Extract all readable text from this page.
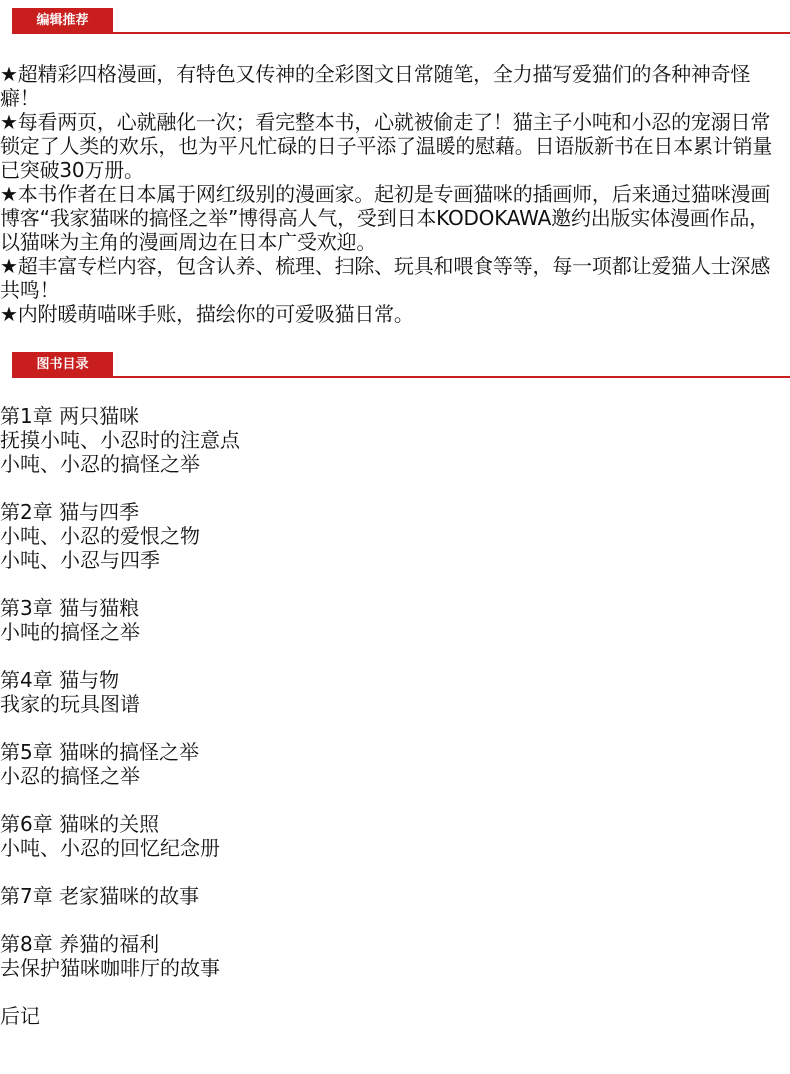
编辑推荐

★超精彩四格漫画，有特色又传神的全彩图文日常随笔，全力描写爱猫们的各种神奇怪癖！

★每看两页，心就融化一次；看完整本书，心就被偷走了！猫主子小吨和小忍的宠溺日常锁定了人类的欢乐，也为平凡忙碌的日子平添了温暖的慰藉。日语版新书在日本累计销量已突破30万册。

★本书作者在日本属于网红级别的漫画家。起初是专画猫咪的插画师，后来通过猫咪漫画博客“我家猫咪的搞怪之举”博得高人气，受到日本KODOKAWA邀约出版实体漫画作品，以猫咪为主角的漫画周边在日本广受欢迎。

★超丰富专栏内容，包含认养、梳理、扫除、玩具和喂食等等，每一项都让爱猫人士深感共鸣！

★内附暖萌喵咪手账，描绘你的可爱吸猫日常。

图书目录
第1章 两只猫咪
抚摸小吨、小忍时的注意点
小吨、小忍的搞怪之举
第2章 猫与四季
小吨、小忍的爱恨之物
小吨、小忍与四季
第3章 猫与猫粮
小吨的搞怪之举
第4章 猫与物
我家的玩具图谱
第5章 猫咪的搞怪之举
小忍的搞怪之举
第6章 猫咪的关照
小吨、小忍的回忆纪念册
第7章 老家猫咪的故事
第8章 养猫的福利
去保护猫咪咖啡厅的故事
后记
